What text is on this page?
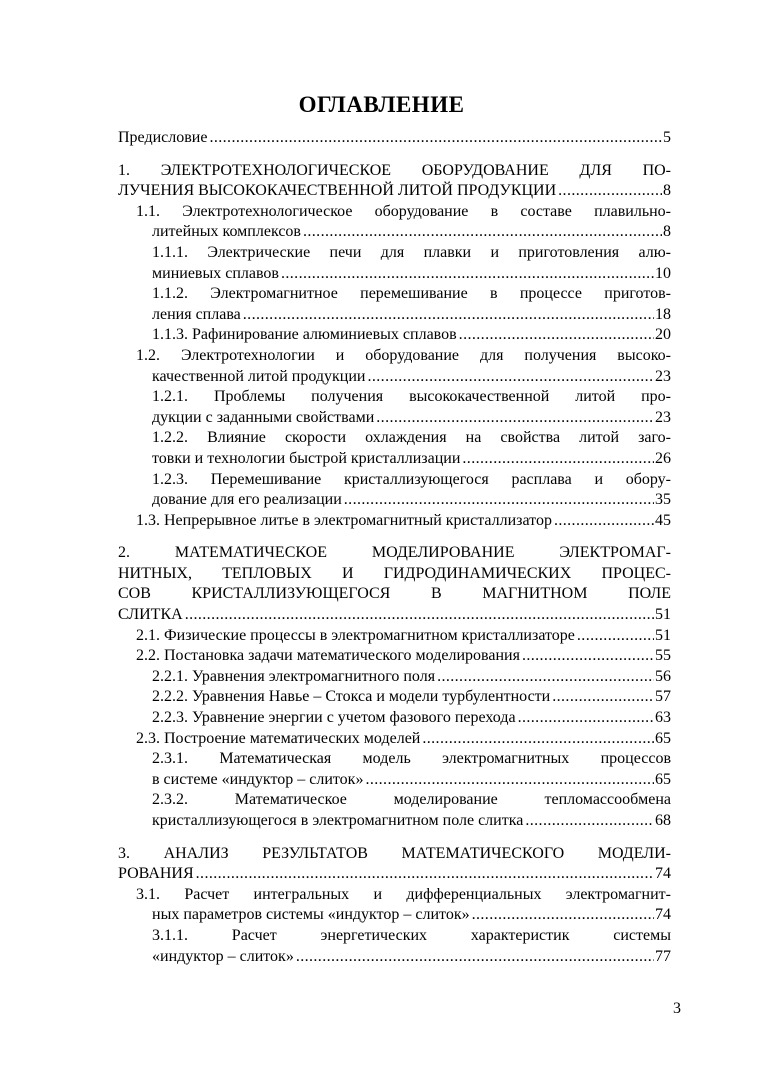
ОГЛАВЛЕНИЕ
Предисловие .....	5
1. ЭЛЕКТРОТЕХНОЛОГИЧЕСКОЕ ОБОРУДОВАНИЕ ДЛЯ ПО-
ЛУЧЕНИЯ ВЫСОКОКАЧЕСТВЕННОЙ ЛИТОЙ ПРОДУКЦИИ .....	8
1.1. Электротехнологическое оборудование в составе плавильно-
литейных комплексов .....	8
1.1.1. Электрические печи для плавки и приготовления алю-
миниевых сплавов .....	10
1.1.2. Электромагнитное перемешивание в процессе приготов-
ления сплава .....	18
1.1.3. Рафинирование алюминиевых сплавов .....	20
1.2. Электротехнологии и оборудование для получения высоко-
качественной литой продукции .....	23
1.2.1. Проблемы получения высококачественной литой про-
дукции с заданными свойствами .....	23
1.2.2. Влияние скорости охлаждения на свойства литой заго-
товки и технологии быстрой кристаллизации .....	26
1.2.3. Перемешивание кристаллизующегося расплава и обору-
дование для его реализации .....	35
1.3. Непрерывное литье в электромагнитный кристаллизатор .....	45
2. МАТЕМАТИЧЕСКОЕ МОДЕЛИРОВАНИЕ ЭЛЕКТРОМАГ-
НИТНЫХ, ТЕПЛОВЫХ И ГИДРОДИНАМИЧЕСКИХ ПРОЦЕС-
СОВ КРИСТАЛЛИЗУЮЩЕГОСЯ В МАГНИТНОМ ПОЛЕ
СЛИТКА .....	51
2.1. Физические процессы в электромагнитном кристаллизаторе .....	51
2.2. Постановка задачи математического моделирования .....	55
2.2.1. Уравнения электромагнитного поля .....	56
2.2.2. Уравнения Навье – Стокса и модели турбулентности .....	57
2.2.3. Уравнение энергии с учетом фазового перехода .....	63
2.3. Построение математических моделей .....	65
2.3.1. Математическая модель электромагнитных процессов
в системе «индуктор – слиток» .....	65
2.3.2. Математическое моделирование тепломассообмена
кристаллизующегося в электромагнитном поле слитка .....	68
3. АНАЛИЗ РЕЗУЛЬТАТОВ МАТЕМАТИЧЕСКОГО МОДЕЛИ-
РОВАНИЯ .....	74
3.1. Расчет интегральных и дифференциальных электромагнит-
ных параметров системы «индуктор – слиток» .....	74
3.1.1. Расчет энергетических характеристик системы
«индуктор – слиток» .....	77
3
